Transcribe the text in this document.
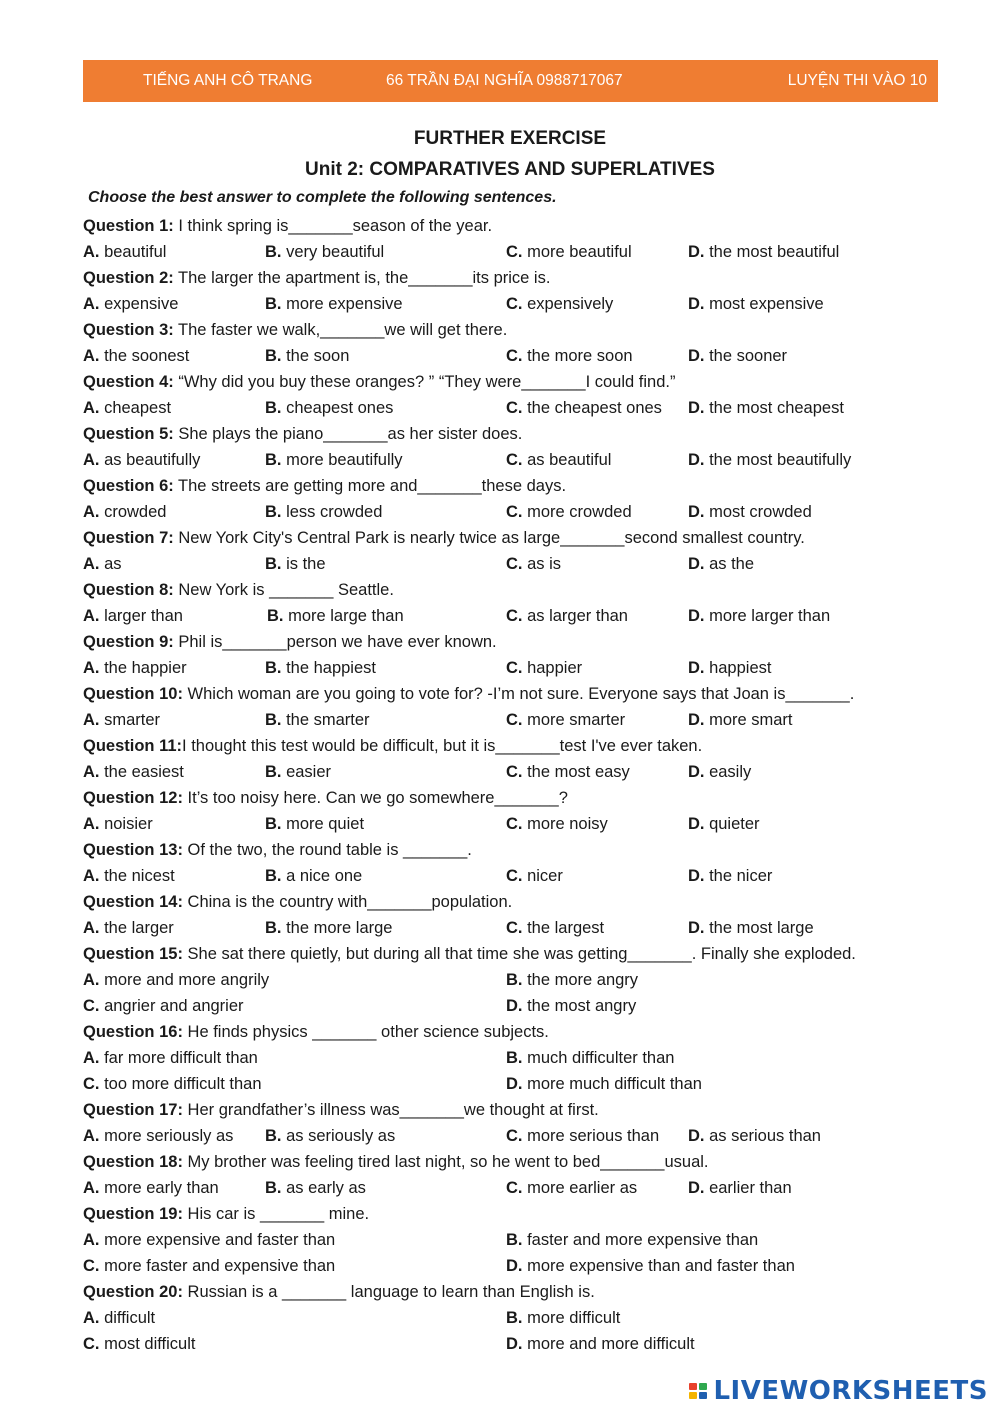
TIẾNG ANH CÔ TRANG	66 TRẦN ĐẠI NGHĨA 0988717067	LUYỆN THI VÀO 10
FURTHER EXERCISE
Unit 2: COMPARATIVES AND SUPERLATIVES
Choose the best answer to complete the following sentences.
Question 1: I think spring is_______season of the year.
A. beautiful	B. very beautiful	C. more beautiful	D. the most beautiful
Question 2: The larger the apartment is, the_______its price is.
A. expensive	B. more expensive	C. expensively	D. most expensive
Question 3: The faster we walk,_______we will get there.
A. the soonest	B. the soon	C. the more soon	D. the sooner
Question 4: “Why did you buy these oranges? ” “They were_______I could find.”
A. cheapest	B. cheapest ones	C. the cheapest ones D. the most cheapest
Question 5: She plays the piano_______as her sister does.
A. as beautifully	B. more beautifully	C. as beautiful	D. the most beautifully
Question 6: The streets are getting more and_______these days.
A. crowded	B. less crowded	C. more crowded	D. most crowded
Question 7: New York City's Central Park is nearly twice as large_______second smallest country.
A. as	B. is the	C. as is	D. as the
Question 8: New York is _______ Seattle.
A. larger than	B. more large than	C. as larger than	D. more larger than
Question 9: Phil is_______person we have ever known.
A. the happier	B. the happiest	C. happier	D. happiest
Question 10: Which woman are you going to vote for? -I’m not sure. Everyone says that Joan is_______.
A. smarter	B. the smarter	C. more smarter	D. more smart
Question 11:I thought this test would be difficult, but it is_______test I've ever taken.
A. the easiest	B. easier	C. the most easy	D. easily
Question 12: It’s too noisy here. Can we go somewhere_______?
A. noisier	B. more quiet	C. more noisy	D. quieter
Question 13: Of the two, the round table is _______.
A. the nicest	B. a nice one	C. nicer	D. the nicer
Question 14: China is the country with_______population.
A. the larger	B. the more large	C. the largest	D. the most large
Question 15: She sat there quietly, but during all that time she was getting_______. Finally she exploded.
A. more and more angrily	B. the more angry
C. angrier and angrier	D. the most angry
Question 16: He finds physics _______ other science subjects.
A. far more difficult than	B. much difficulter than
C. too more difficult than	D. more much difficult than
Question 17: Her grandfather’s illness was_______we thought at first.
A. more seriously as B. as seriously as	C. more serious than D. as serious than
Question 18: My brother was feeling tired last night, so he went to bed_______usual.
A. more early than	B. as early as	C. more earlier as	D. earlier than
Question 19: His car is _______ mine.
A. more expensive and faster than	B. faster and more expensive than
C. more faster and expensive than	D. more expensive than and faster than
Question 20: Russian is a _______ language to learn than English is.
A. difficult	B. more difficult
C. most difficult	D. more and more difficult
LIVEWORKSHEETS
